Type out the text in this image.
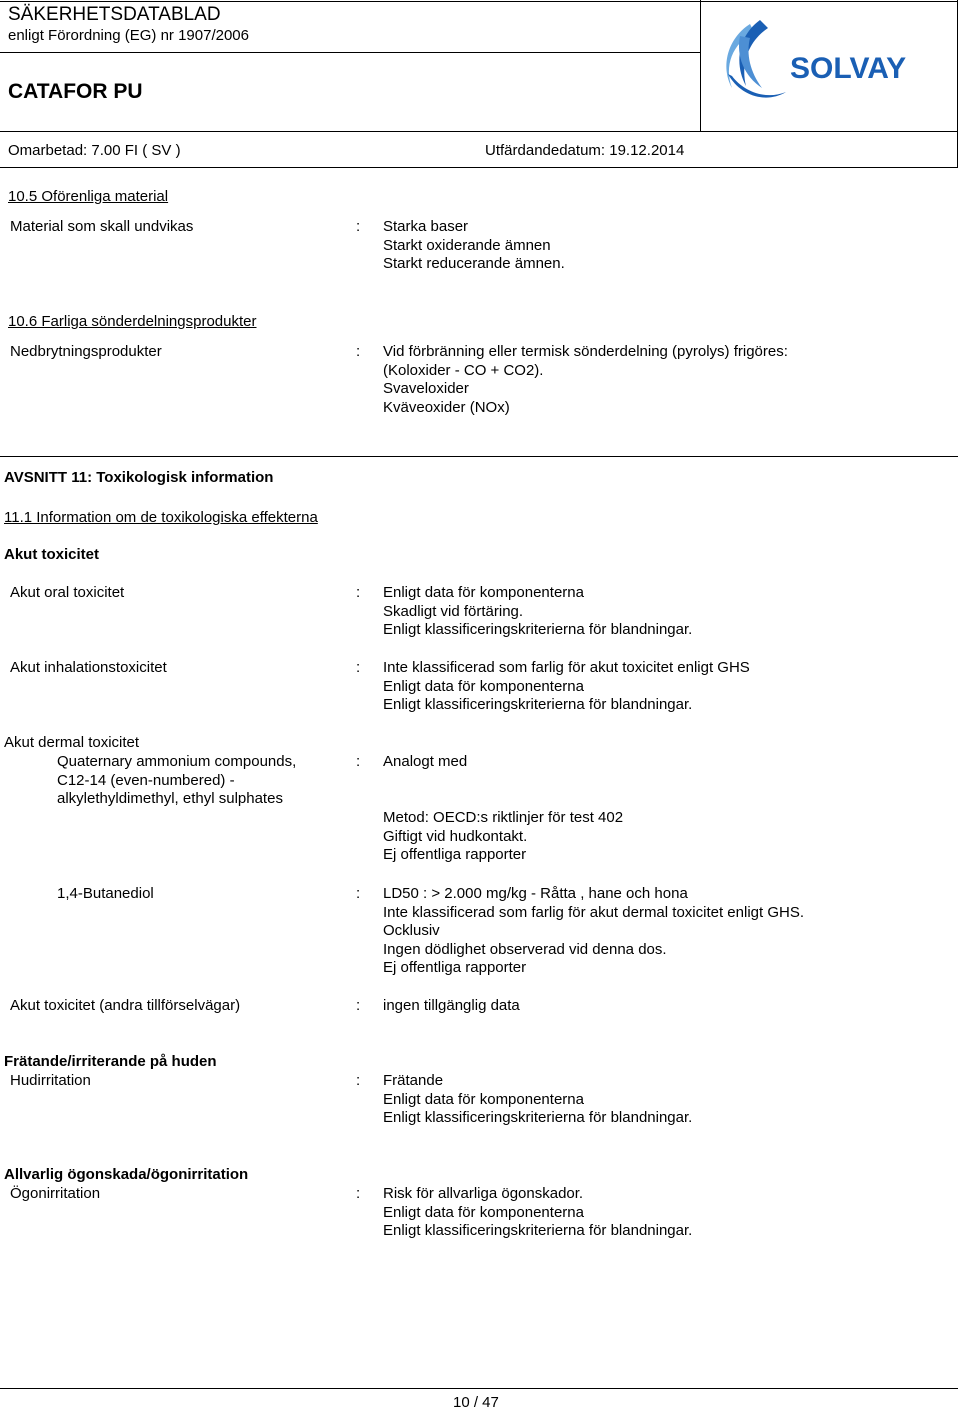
SÄKERHETSDATABLAD
enligt Förordning (EG) nr 1907/2006
CATAFOR PU
Omarbetad: 7.00 FI ( SV )	Utfärdandedatum: 19.12.2014
SOLVAY
10.5 Oförenliga material
Material som skall undvikas	: Starka baser
Starkt oxiderande ämnen
Starkt reducerande ämnen.
10.6 Farliga sönderdelningsprodukter
Nedbrytningsprodukter	: Vid förbränning eller termisk sönderdelning (pyrolys) frigöres:
(Koloxider - CO + CO2).
Svaveloxider
Kväveoxider (NOx)
AVSNITT 11: Toxikologisk information
11.1 Information om de toxikologiska effekterna
Akut toxicitet
Akut oral toxicitet	: Enligt data för komponenterna
Skadligt vid förtäring.
Enligt klassificeringskriterierna för blandningar.
Akut inhalationstoxicitet	: Inte klassificerad som farlig för akut toxicitet enligt GHS
Enligt data för komponenterna
Enligt klassificeringskriterierna för blandningar.
Akut dermal toxicitet
Quaternary ammonium compounds,
C12-14 (even-numbered) -
alkylethyldimethyl, ethyl sulphates
: Analogt med
Metod: OECD:s riktlinjer för test 402
Giftigt vid hudkontakt.
Ej offentliga rapporter
1,4-Butanediol	: LD50 : > 2.000 mg/kg - Råtta , hane och hona
Inte klassificerad som farlig för akut dermal toxicitet enligt GHS.
Ocklusiv
Ingen dödlighet observerad vid denna dos.
Ej offentliga rapporter
Akut toxicitet (andra tillförselvägar)	: ingen tillgänglig data
Frätande/irriterande på huden
Hudirritation	: Frätande
Enligt data för komponenterna
Enligt klassificeringskriterierna för blandningar.
Allvarlig ögonskada/ögonirritation
Ögonirritation	: Risk för allvarliga ögonskador.
Enligt data för komponenterna
Enligt klassificeringskriterierna för blandningar.
10 / 47
